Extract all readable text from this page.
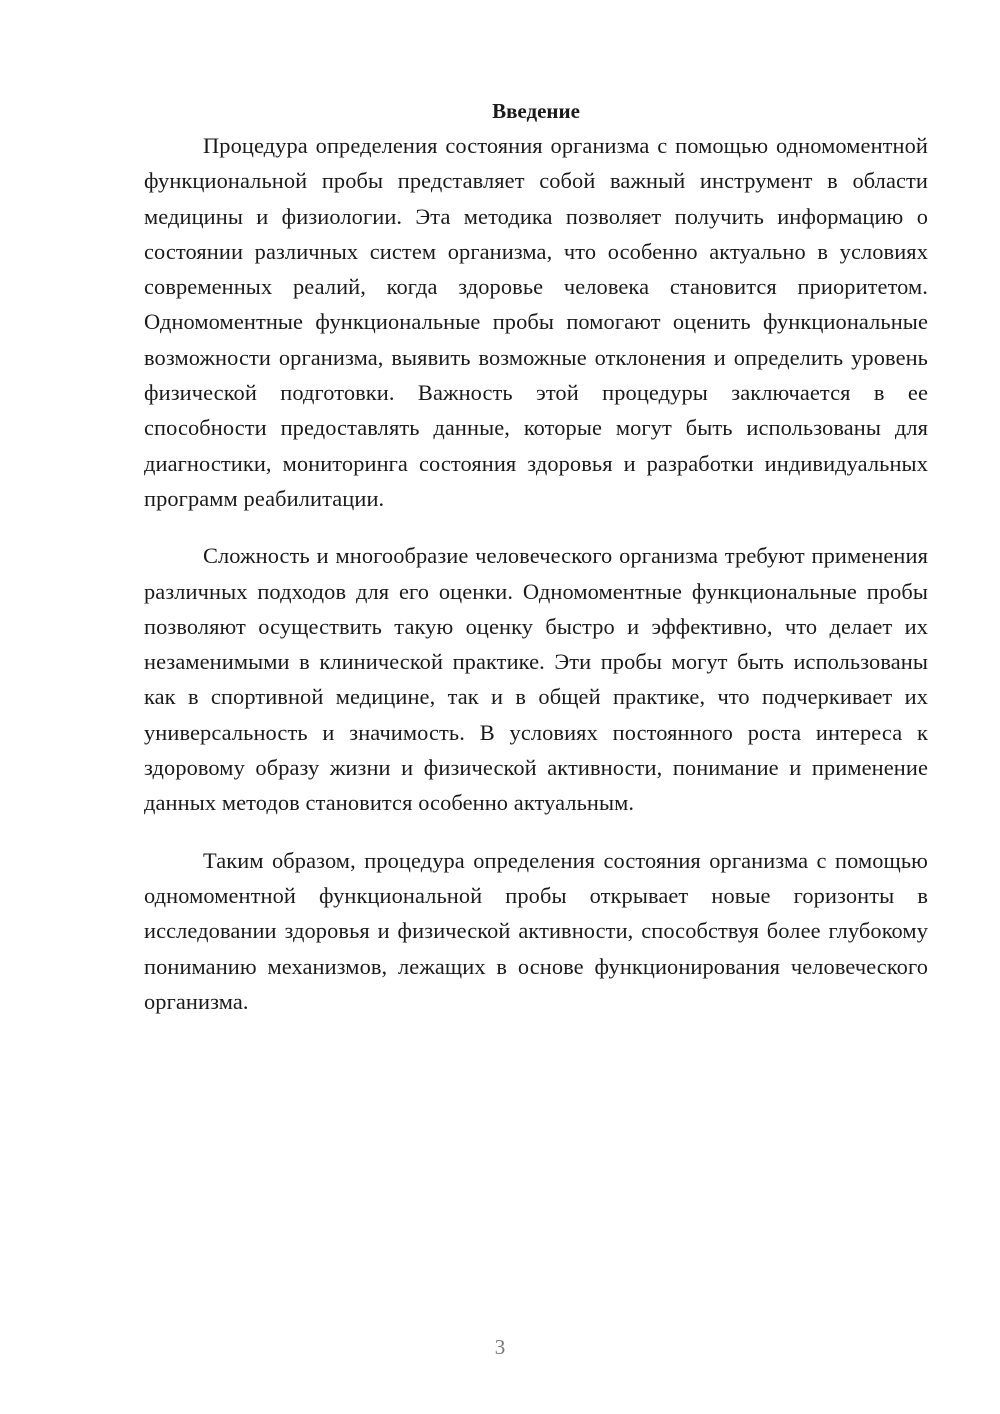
Введение

Процедура определения состояния организма с помощью одномоментной функциональной пробы представляет собой важный инструмент в области медицины и физиологии. Эта методика позволяет получить информацию о состоянии различных систем организма, что особенно актуально в условиях современных реалий, когда здоровье человека становится приоритетом. Одномоментные функциональные пробы помогают оценить функциональные возможности организма, выявить возможные отклонения и определить уровень физической подготовки. Важность этой процедуры заключается в ее способности предоставлять данные, которые могут быть использованы для диагностики, мониторинга состояния здоровья и разработки индивидуальных программ реабилитации.

Сложность и многообразие человеческого организма требуют применения различных подходов для его оценки. Одномоментные функциональные пробы позволяют осуществить такую оценку быстро и эффективно, что делает их незаменимыми в клинической практике. Эти пробы могут быть использованы как в спортивной медицине, так и в общей практике, что подчеркивает их универсальность и значимость. В условиях постоянного роста интереса к здоровому образу жизни и физической активности, понимание и применение данных методов становится особенно актуальным.

Таким образом, процедура определения состояния организма с помощью одномоментной функциональной пробы открывает новые горизонты в исследовании здоровья и физической активности, способствуя более глубокому пониманию механизмов, лежащих в основе функционирования человеческого организма.

3
